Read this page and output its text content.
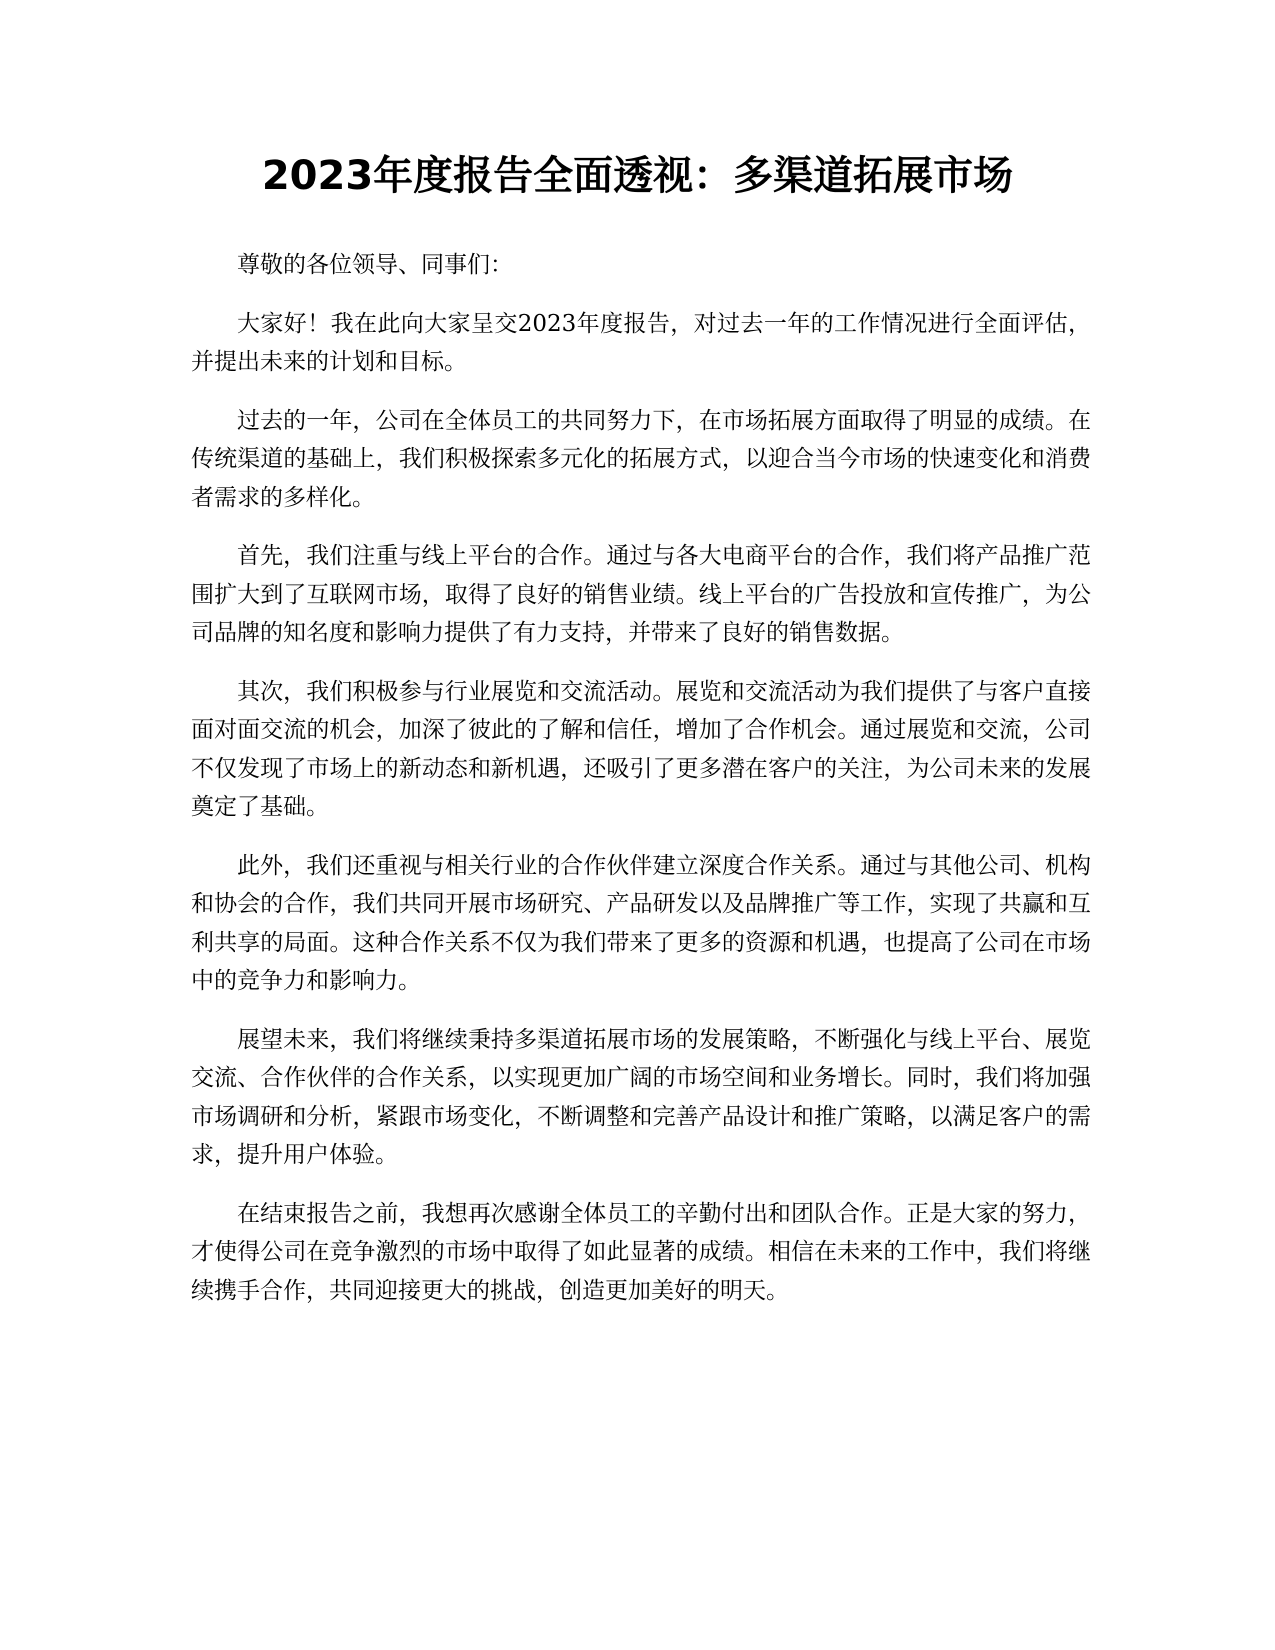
2023年度报告全面透视：多渠道拓展市场

尊敬的各位领导、同事们：

大家好！我在此向大家呈交2023年度报告，对过去一年的工作情况进行全面评估，并提出未来的计划和目标。

过去的一年，公司在全体员工的共同努力下，在市场拓展方面取得了明显的成绩。在传统渠道的基础上，我们积极探索多元化的拓展方式，以迎合当今市场的快速变化和消费者需求的多样化。

首先，我们注重与线上平台的合作。通过与各大电商平台的合作，我们将产品推广范围扩大到了互联网市场，取得了良好的销售业绩。线上平台的广告投放和宣传推广，为公司品牌的知名度和影响力提供了有力支持，并带来了良好的销售数据。

其次，我们积极参与行业展览和交流活动。展览和交流活动为我们提供了与客户直接面对面交流的机会，加深了彼此的了解和信任，增加了合作机会。通过展览和交流，公司不仅发现了市场上的新动态和新机遇，还吸引了更多潜在客户的关注，为公司未来的发展奠定了基础。

此外，我们还重视与相关行业的合作伙伴建立深度合作关系。通过与其他公司、机构和协会的合作，我们共同开展市场研究、产品研发以及品牌推广等工作，实现了共赢和互利共享的局面。这种合作关系不仅为我们带来了更多的资源和机遇，也提高了公司在市场中的竞争力和影响力。

展望未来，我们将继续秉持多渠道拓展市场的发展策略，不断强化与线上平台、展览交流、合作伙伴的合作关系，以实现更加广阔的市场空间和业务增长。同时，我们将加强市场调研和分析，紧跟市场变化，不断调整和完善产品设计和推广策略，以满足客户的需求，提升用户体验。

在结束报告之前，我想再次感谢全体员工的辛勤付出和团队合作。正是大家的努力，才使得公司在竞争激烈的市场中取得了如此显著的成绩。相信在未来的工作中，我们将继续携手合作，共同迎接更大的挑战，创造更加美好的明天。
